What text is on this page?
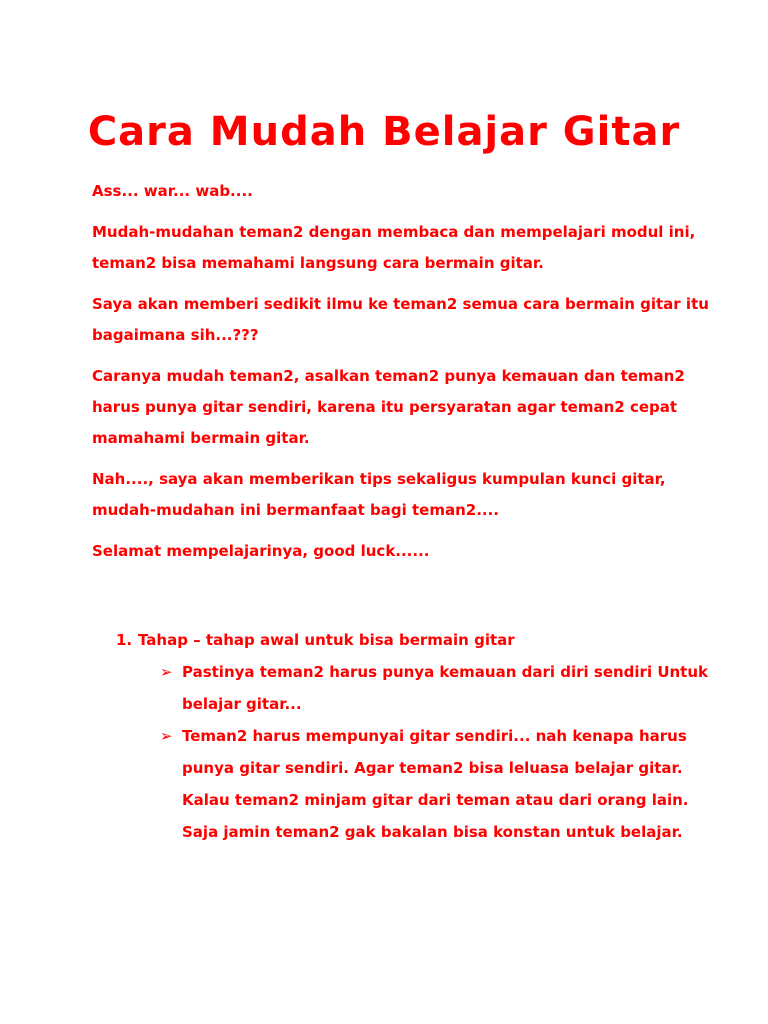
Cara Mudah Belajar Gitar

Ass... war... wab....

Mudah-mudahan teman2 dengan membaca dan mempelajari modul ini, teman2 bisa memahami langsung cara bermain gitar.

Saya akan memberi sedikit ilmu ke teman2 semua cara bermain gitar itu bagaimana sih...???

Caranya mudah teman2, asalkan teman2 punya kemauan dan teman2 harus punya gitar sendiri, karena itu persyaratan agar teman2 cepat mamahami bermain gitar.

Nah...., saya akan memberikan tips sekaligus kumpulan kunci gitar, mudah-mudahan ini bermanfaat bagi teman2....

Selamat mempelajarinya, good luck......

1. Tahap – tahap awal untuk bisa bermain gitar
➢ Pastinya teman2 harus punya kemauan dari diri sendiri Untuk belajar gitar...
➢ Teman2 harus mempunyai gitar sendiri... nah kenapa harus punya gitar sendiri. Agar teman2 bisa leluasa belajar gitar. Kalau teman2 minjam gitar dari teman atau dari orang lain. Saja jamin teman2 gak bakalan bisa konstan untuk belajar.
